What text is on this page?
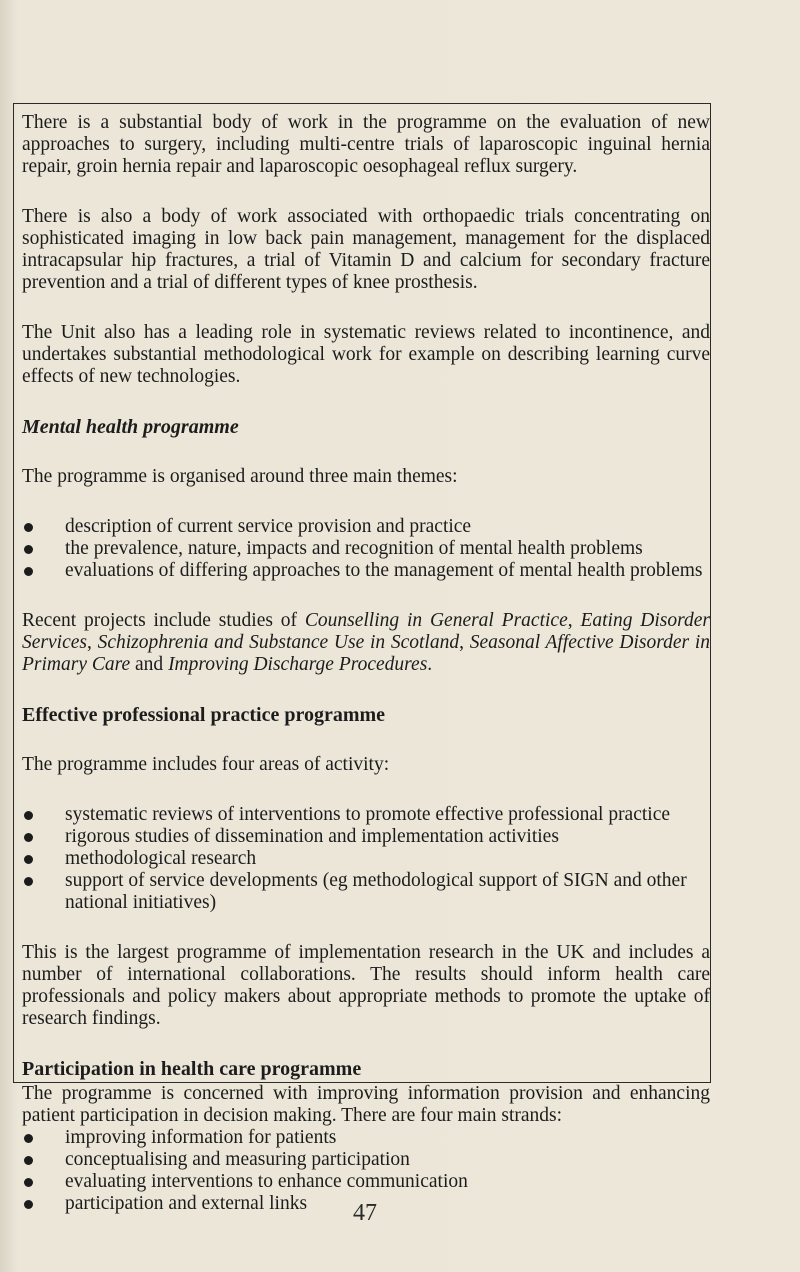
There is a substantial body of work in the programme on the evaluation of new approaches to surgery, including multi-centre trials of laparoscopic inguinal hernia repair, groin hernia repair and laparoscopic oesophageal reflux surgery.

There is also a body of work associated with orthopaedic trials concentrating on sophisticated imaging in low back pain management, management for the displaced intracapsular hip fractures, a trial of Vitamin D and calcium for secondary fracture prevention and a trial of different types of knee prosthesis.

The Unit also has a leading role in systematic reviews related to incontinence, and undertakes substantial methodological work for example on describing learning curve effects of new technologies.

Mental health programme

The programme is organised around three main themes:

description of current service provision and practice
the prevalence, nature, impacts and recognition of mental health problems
evaluations of differing approaches to the management of mental health problems

Recent projects include studies of Counselling in General Practice, Eating Disorder Services, Schizophrenia and Substance Use in Scotland, Seasonal Affective Disorder in Primary Care and Improving Discharge Procedures.

Effective professional practice programme

The programme includes four areas of activity:

systematic reviews of interventions to promote effective professional practice
rigorous studies of dissemination and implementation activities
methodological research
support of service developments (eg methodological support of SIGN and other national initiatives)

This is the largest programme of implementation research in the UK and includes a number of international collaborations. The results should inform health care professionals and policy makers about appropriate methods to promote the uptake of research findings.

Participation in health care programme

The programme is concerned with improving information provision and enhancing patient participation in decision making. There are four main strands:

improving information for patients
conceptualising and measuring participation
evaluating interventions to enhance communication
participation and external links	47
